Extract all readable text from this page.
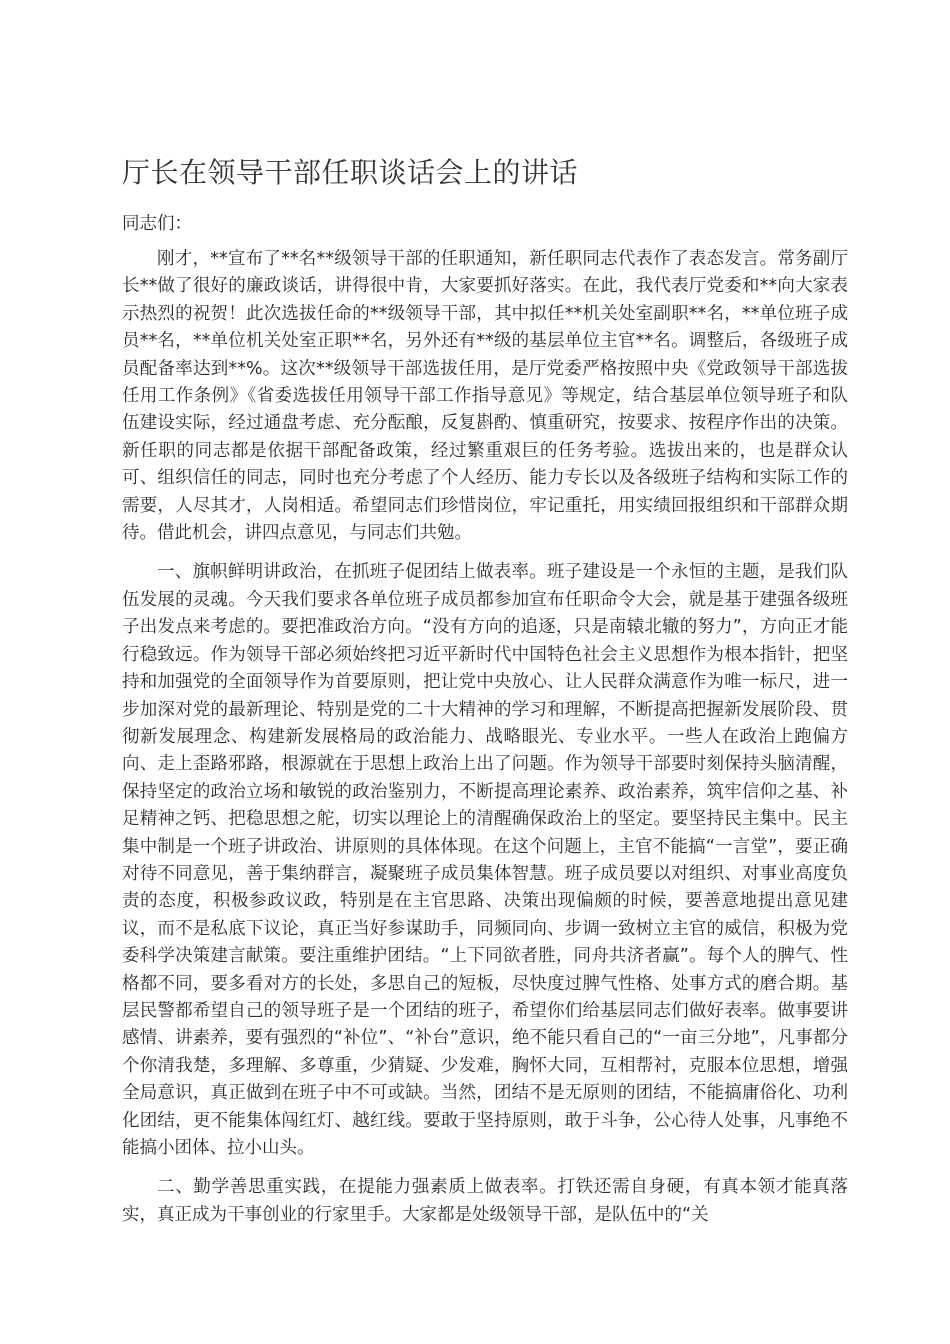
厅长在领导干部任职谈话会上的讲话

同志们：

刚才，**宣布了**名**级领导干部的任职通知，新任职同志代表作了表态发言。常务副厅长**做了很好的廉政谈话，讲得很中肯，大家要抓好落实。在此，我代表厅党委和**向大家表示热烈的祝贺！此次选拔任命的**级领导干部，其中拟任**机关处室副职**名，**单位班子成员**名，**单位机关处室正职**名，另外还有**级的基层单位主官**名。调整后，各级班子成员配备率达到**%。这次**级领导干部选拔任用，是厅党委严格按照中央《党政领导干部选拔任用工作条例》《省委选拔任用领导干部工作指导意见》等规定，结合基层单位领导班子和队伍建设实际，经过通盘考虑、充分酝酿，反复斟酌、慎重研究，按要求、按程序作出的决策。新任职的同志都是依据干部配备政策，经过繁重艰巨的任务考验。选拔出来的，也是群众认可、组织信任的同志，同时也充分考虑了个人经历、能力专长以及各级班子结构和实际工作的需要，人尽其才，人岗相适。希望同志们珍惜岗位，牢记重托，用实绩回报组织和干部群众期待。借此机会，讲四点意见，与同志们共勉。

一、旗帜鲜明讲政治，在抓班子促团结上做表率。班子建设是一个永恒的主题，是我们队伍发展的灵魂。今天我们要求各单位班子成员都参加宣布任职命令大会，就是基于建强各级班子出发点来考虑的。要把准政治方向。“没有方向的追逐，只是南辕北辙的努力”，方向正才能行稳致远。作为领导干部必须始终把习近平新时代中国特色社会主义思想作为根本指针，把坚持和加强党的全面领导作为首要原则，把让党中央放心、让人民群众满意作为唯一标尺，进一步加深对党的最新理论、特别是党的二十大精神的学习和理解，不断提高把握新发展阶段、贯彻新发展理念、构建新发展格局的政治能力、战略眼光、专业水平。一些人在政治上跑偏方向、走上歪路邪路，根源就在于思想上政治上出了问题。作为领导干部要时刻保持头脑清醒，保持坚定的政治立场和敏锐的政治鉴别力，不断提高理论素养、政治素养，筑牢信仰之基、补足精神之钙、把稳思想之舵，切实以理论上的清醒确保政治上的坚定。要坚持民主集中。民主集中制是一个班子讲政治、讲原则的具体体现。在这个问题上，主官不能搞“一言堂”，要正确对待不同意见，善于集纳群言，凝聚班子成员集体智慧。班子成员要以对组织、对事业高度负责的态度，积极参政议政，特别是在主官思路、决策出现偏颇的时候，要善意地提出意见建议，而不是私底下议论，真正当好参谋助手，同频同向、步调一致树立主官的威信，积极为党委科学决策建言献策。要注重维护团结。“上下同欲者胜，同舟共济者赢”。每个人的脾气、性格都不同，要多看对方的长处，多思自己的短板，尽快度过脾气性格、处事方式的磨合期。基层民警都希望自己的领导班子是一个团结的班子，希望你们给基层同志们做好表率。做事要讲感情、讲素养，要有强烈的“补位”、“补台”意识，绝不能只看自己的“一亩三分地”，凡事都分个你清我楚，多理解、多尊重，少猜疑、少发难，胸怀大同，互相帮衬，克服本位思想，增强全局意识，真正做到在班子中不可或缺。当然，团结不是无原则的团结，不能搞庸俗化、功利化团结，更不能集体闯红灯、越红线。要敢于坚持原则，敢于斗争，公心待人处事，凡事绝不能搞小团体、拉小山头。

二、勤学善思重实践，在提能力强素质上做表率。打铁还需自身硬，有真本领才能真落实，真正成为干事创业的行家里手。大家都是处级领导干部，是队伍中的“关
